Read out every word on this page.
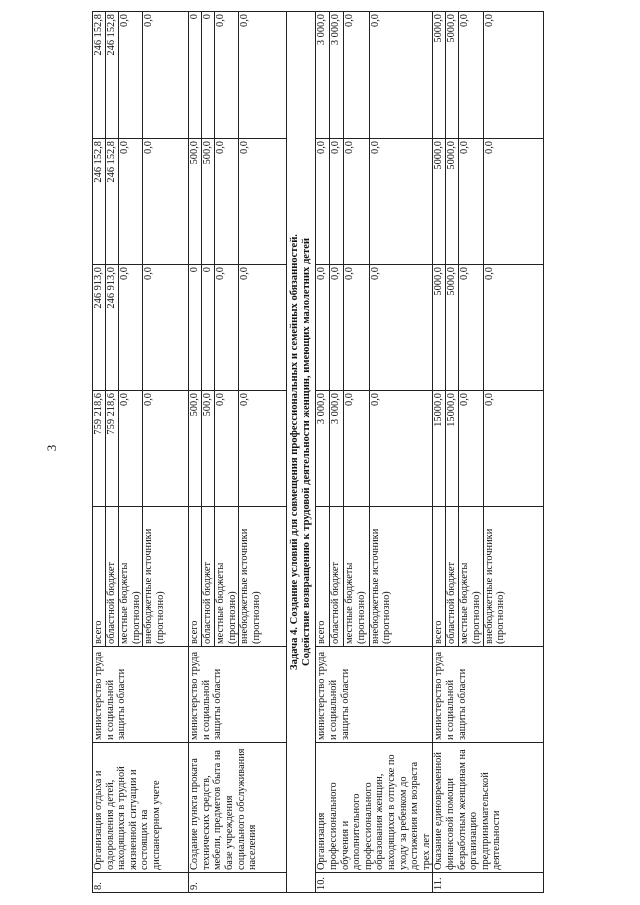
3
8.	Организация отдыха и оздоровления детей, находящихся в трудной жизненной ситуации и состоящих на диспансерном учете	министерство труда и социальной защиты области	всего	759 218,6	246 913,0	246 152,8	246 152,8
			областной бюджет	759 218,6	246 913,0	246 152,8	246 152,8
			местные бюджеты (прогнозно)	0,0	0,0	0,0	0,0
			внебюджетные источники (прогнозно)	0,0	0,0	0,0	0,0
9.	Создание пункта проката технических средств, мебели, предметов быта на базе учреждения социального обслуживания населения	министерство труда и социальной защиты области	всего	500,0	0	500,0	0
			областной бюджет	500,0	0	500,0	0
			местные бюджеты (прогнозно)	0,0	0,0	0,0	0,0
			внебюджетные источники (прогнозно)	0,0	0,0	0,0	0,0

Задача 4. Создание условий для совмещения профессиональных и семейных обязанностей. Содействие возвращению к трудовой деятельности женщин, имеющих малолетних детей							

10.	Организация профессионального обучения и дополнительного профессионального образования женщин, находящихся в отпуске по уходу за ребенком до достижения им возраста трех лет	министерство труда и социальной защиты области	всего	3 000,0	0,0	0,0	3 000,0
			областной бюджет	3 000,0	0,0	0,0	3 000,0
			местные бюджеты (прогнозно)	0,0	0,0	0,0	0,0
			внебюджетные источники (прогнозно)	0,0	0,0	0,0	0,0
11.	Оказание единовременной финансовой помощи безработным женщинам на организацию предпринимательской деятельности	министерство труда и социальной защиты области	всего	15000,0	5000,0	5000,0	5000,0
			областной бюджет	15000,0	5000,0	5000,0	5000,0
			местные бюджеты (прогнозно)	0,0	0,0	0,0	0,0
			внебюджетные источники (прогнозно)	0,0	0,0	0,0	0,0
